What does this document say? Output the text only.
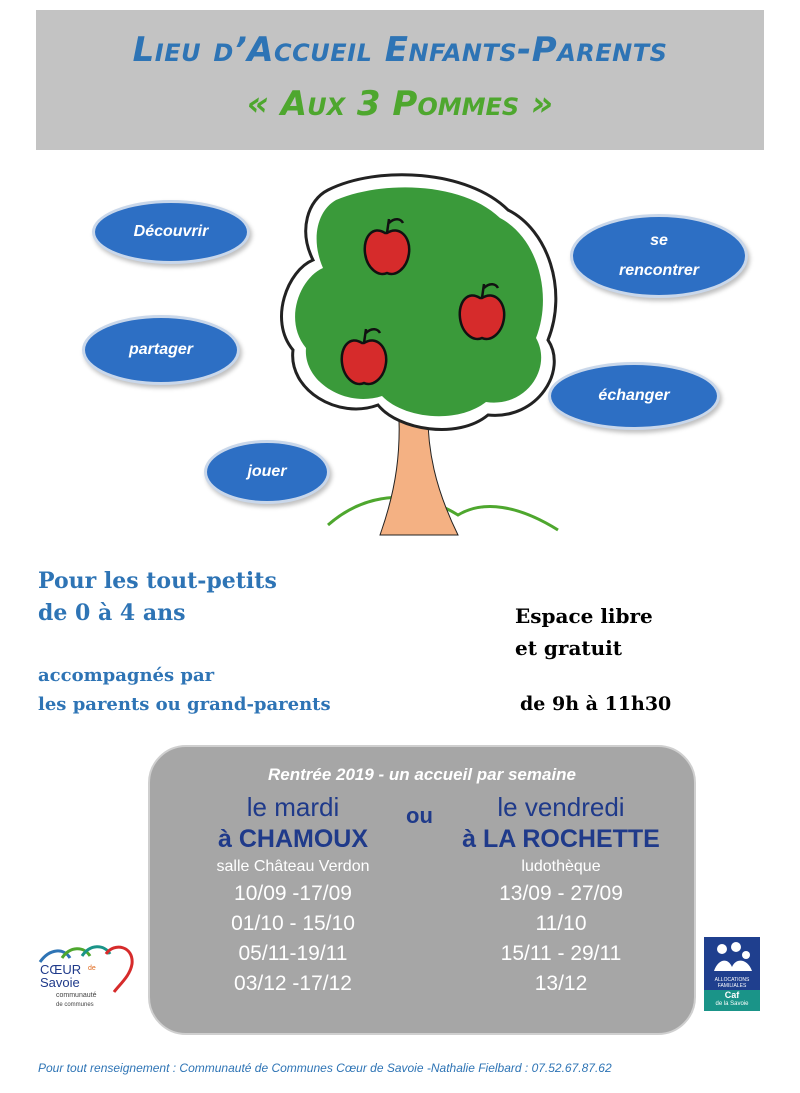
Lieu d’Accueil Enfants-Parents
« Aux 3 Pommes »
Découvrir
se
rencontrer
partager
échanger
jouer
Pour les tout-petits
de 0 à 4 ans	Espace libre
et gratuit
accompagnés par
les parents ou grand-parents	de 9h à 11h30
Rentrée 2019 - un accueil par semaine
ou
le mardi
à CHAMOUX
salle Château Verdon
10/09 -17/09
01/10 - 15/10
05/11-19/11
03/12 -17/12
le vendredi
à LA ROCHETTE
ludothèque
13/09 - 27/09
11/10
15/11 - 29/11
13/12
CŒUR de
Savoie
communauté
de communes
ALLOCATIONS
FAMILIALES
Caf
de la Savoie
Pour tout renseignement : Communauté de Communes Cœur de Savoie -Nathalie Fielbard : 07.52.67.87.62
